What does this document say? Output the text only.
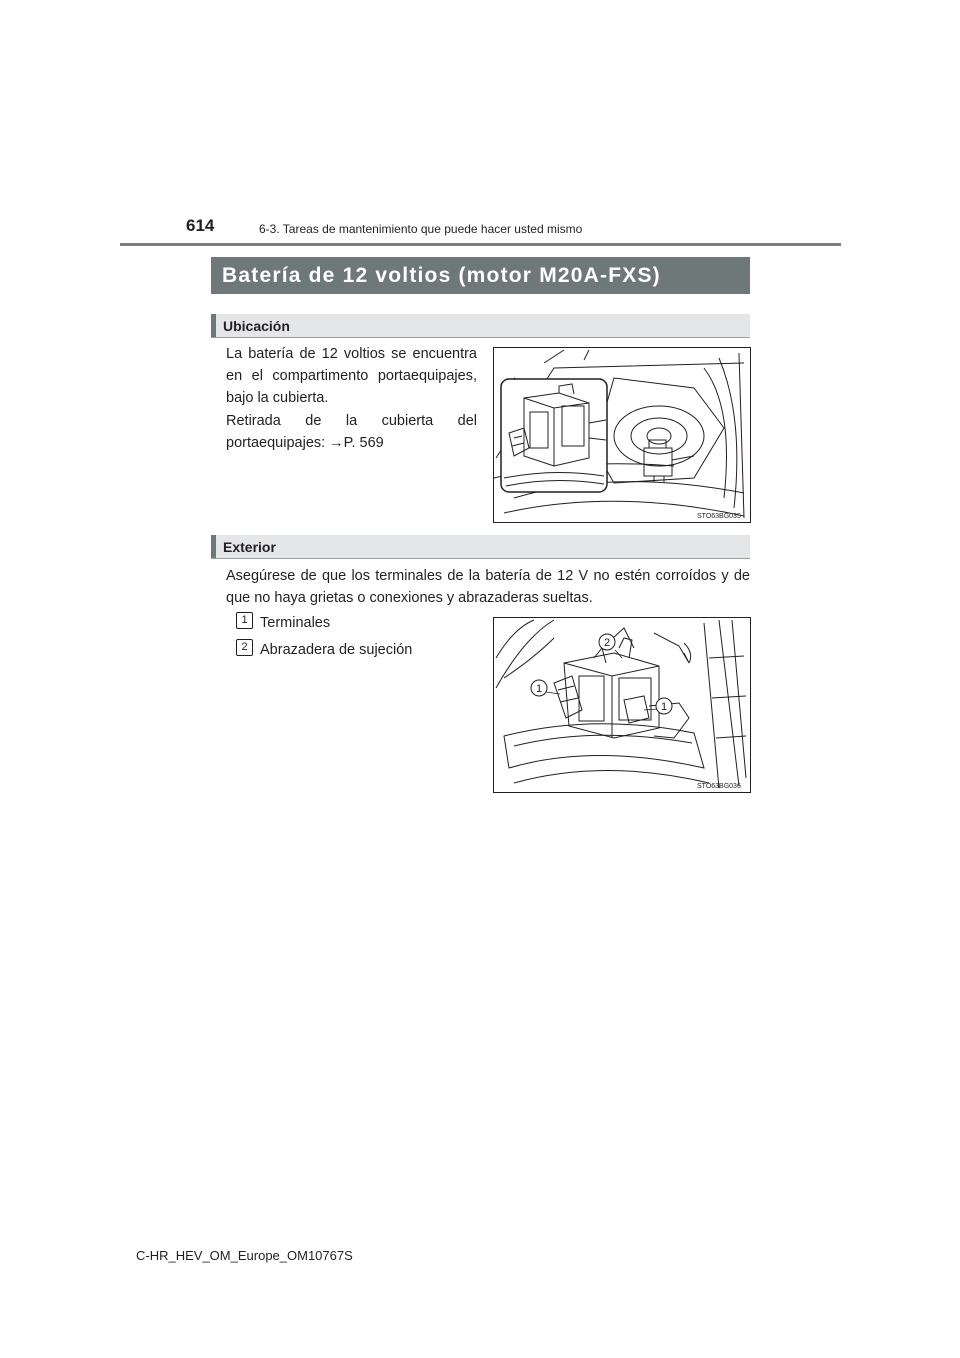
614	6-3. Tareas de mantenimiento que puede hacer usted mismo
Batería de 12 voltios (motor M20A-FXS)
Ubicación
La batería de 12 voltios se encuentra en el compartimento portaequipajes, bajo la cubierta.
Retirada de la cubierta del portaequipajes: →P. 569
STO63BG035
Exterior
Asegúrese de que los terminales de la batería de 12 V no estén corroídos y de que no haya grietas o conexiones y abrazaderas sueltas.
1 Terminales
2 Abrazadera de sujeción
1
2
1
STO63BG036
C-HR_HEV_OM_Europe_OM10767S
